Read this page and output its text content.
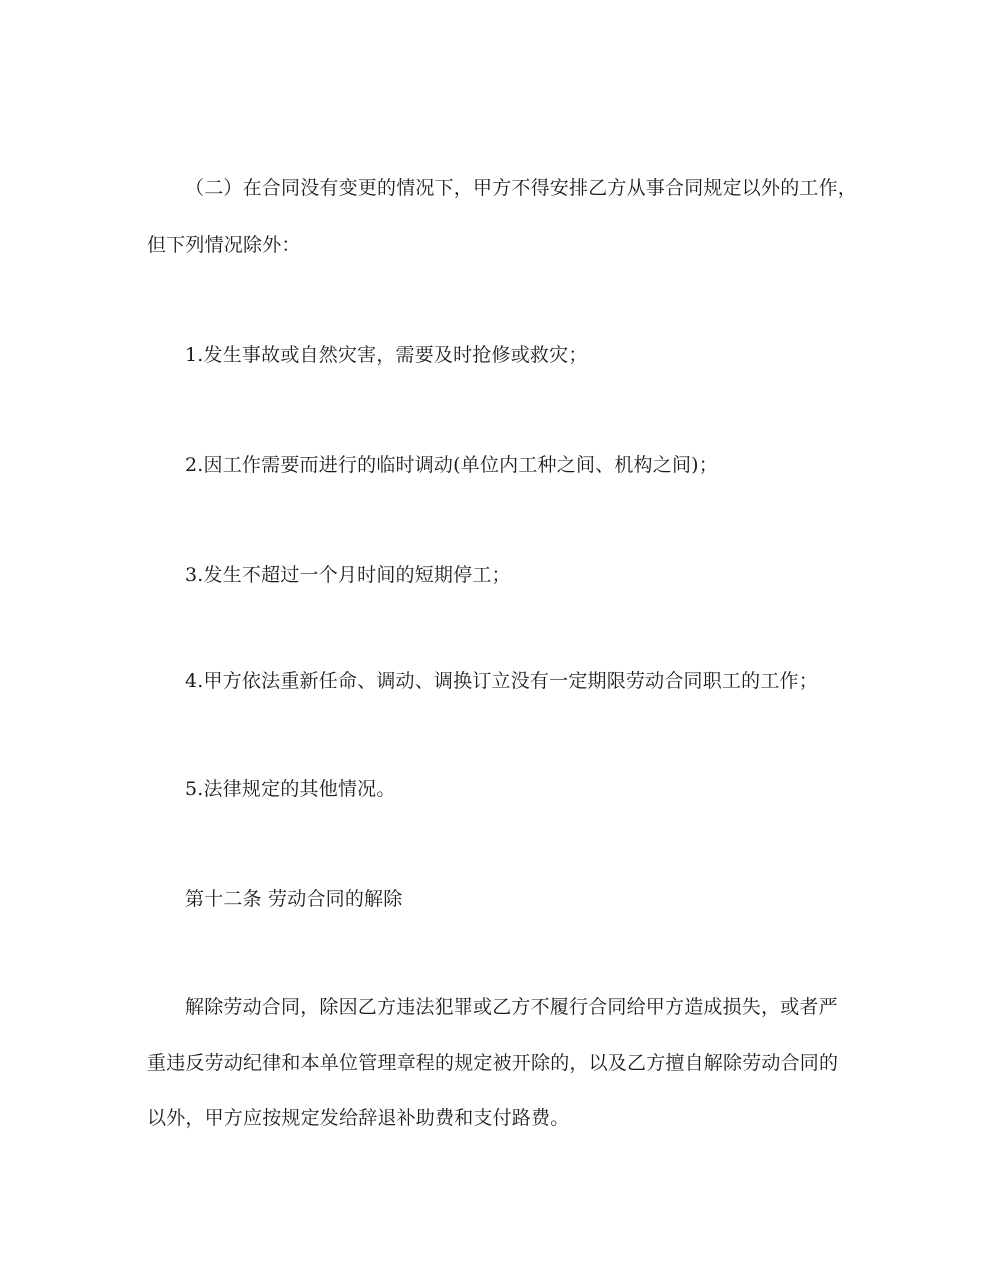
（二）在合同没有变更的情况下，甲方不得安排乙方从事合同规定以外的工作，
但下列情况除外：
1.发生事故或自然灾害，需要及时抢修或救灾；
2.因工作需要而进行的临时调动(单位内工种之间、机构之间)；
3.发生不超过一个月时间的短期停工；
4.甲方依法重新任命、调动、调换订立没有一定期限劳动合同职工的工作；
5.法律规定的其他情况。
第十二条 劳动合同的解除
解除劳动合同，除因乙方违法犯罪或乙方不履行合同给甲方造成损失，或者严
重违反劳动纪律和本单位管理章程的规定被开除的，以及乙方擅自解除劳动合同的
以外，甲方应按规定发给辞退补助费和支付路费。
